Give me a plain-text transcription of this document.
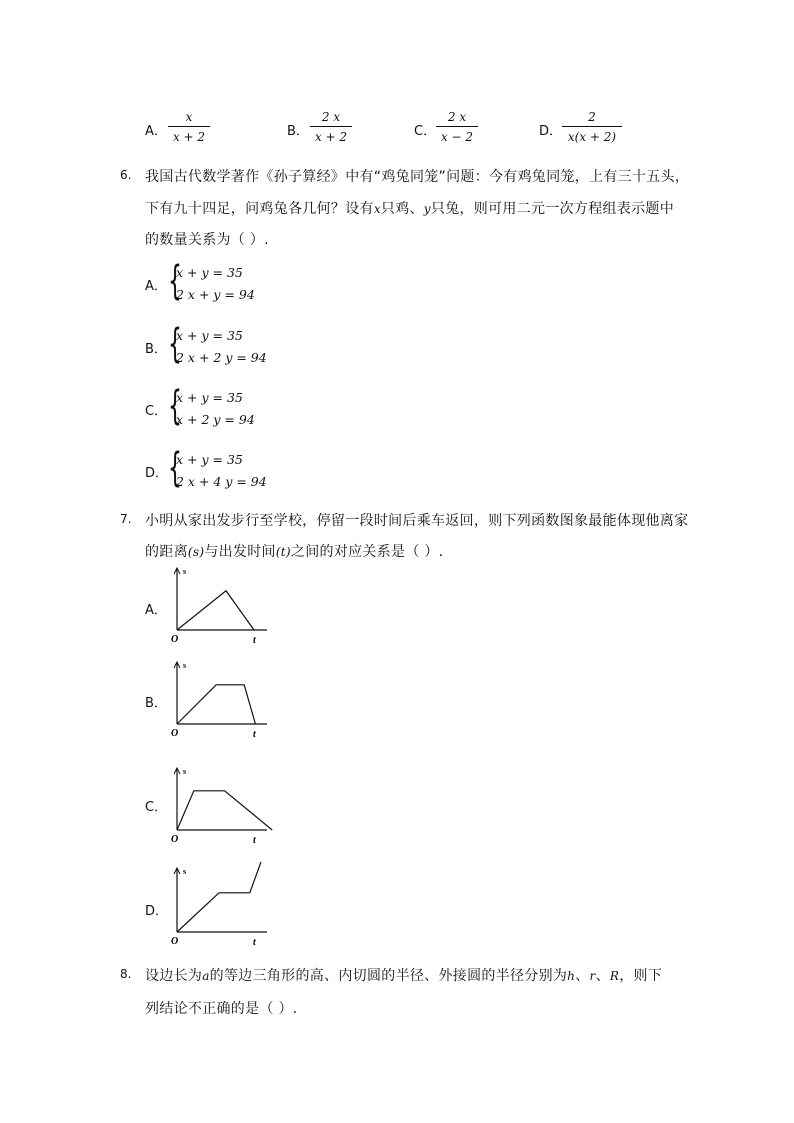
A． $\frac{x}{x + 2}$	B． $\frac{2 x}{x + 2}$	C． $\frac{2 x}{x - 2}$	D． $\frac{2}{x(x + 2)}$
6. 我国古代数学著作《孙子算经》中有“鸡兔同笼”问题：今有鸡兔同笼，上有三十五头，
下有九十四足，问鸡兔各几何？设有x只鸡、y只兔，则可用二元一次方程组表示题中
的数量关系为（ ）.
A． {
x + y = 35
2 x + y = 94
B． {
x + y = 35
2 x + 2 y = 94
C． {
x + y = 35
x + 2 y = 94
D． {
x + y = 35
2 x + 4 y = 94
7. 小明从家出发步行至学校，停留一段时间后乘车返回，则下列函数图象最能体现他离家
的距离(s)与出发时间(t)之间的对应关系是（ ）.
A．
s
t
O
B．
s
t
O
C．
s
t
O
D．
s
t
O
8. 设边长为a的等边三角形的高、内切圆的半径、外接圆的半径分别为h、r、R，则下
列结论不正确的是（ ）.
